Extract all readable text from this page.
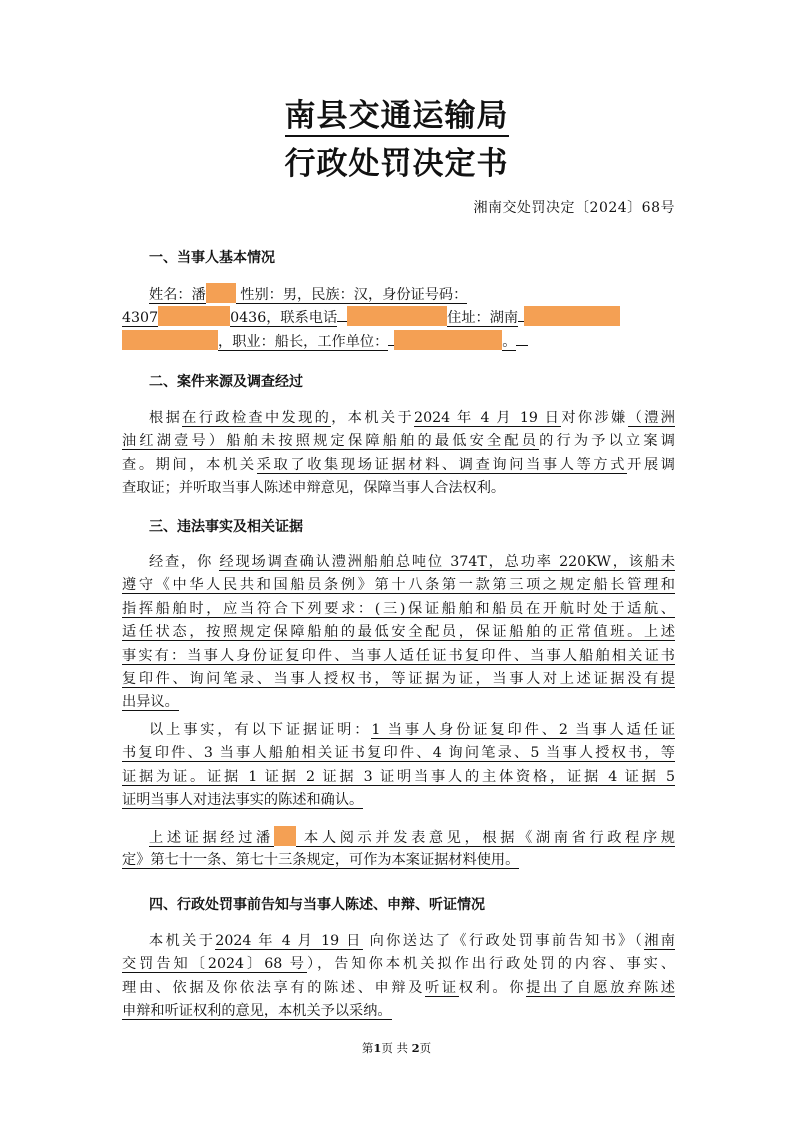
南县交通运输局
行政处罚决定书
湘南交处罚决定〔2024〕68号
一、当事人基本情况
姓名：潘 性别：男，民族：汉，身份证号码：
4307	0436，联系电话	住址：湖南
，职业：船长，工作单位：	。
二、案件来源及调查经过
根据在行政检查中发现的，本机关于2024 年 4 月 19 日对你涉嫌（澧洲
油红湖壹号）船舶未按照规定保障船舶的最低安全配员的行为予以立案调
查。期间，本机关采取了收集现场证据材料、调查询问当事人等方式开展调
查取证；并听取当事人陈述申辩意见，保障当事人合法权利。
三、违法事实及相关证据
经查，你 经现场调查确认澧洲船舶总吨位 374T，总功率 220KW，该船未
遵守《中华人民共和国船员条例》第十八条第一款第三项之规定船长管理和
指挥船舶时，应当符合下列要求：(三)保证船舶和船员在开航时处于适航、
适任状态，按照规定保障船舶的最低安全配员，保证船舶的正常值班。上述
事实有：当事人身份证复印件、当事人适任证书复印件、当事人船舶相关证书
复印件、询问笔录、当事人授权书，等证据为证，当事人对上述证据没有提
出异议。
以上事实，有以下证据证明：1 当事人身份证复印件、2 当事人适任证
书复印件、3 当事人船舶相关证书复印件、4 询问笔录、5 当事人授权书，等
证据为证。证据 1 证据 2 证据 3 证明当事人的主体资格，证据 4 证据 5
证明当事人对违法事实的陈述和确认。
上述证据经过潘 本人阅示并发表意见，根据《湖南省行政程序规
定》第七十一条、第七十三条规定，可作为本案证据材料使用。
四、行政处罚事前告知与当事人陈述、申辩、听证情况
本机关于2024 年 4 月 19 日 向你送达了《行政处罚事前告知书》（湘南
交罚告知〔2024〕68 号），告知你本机关拟作出行政处罚的内容、事实、
理由、依据及你依法享有的陈述、申辩及听证权利。你提出了自愿放弃陈述
申辩和听证权利的意见，本机关予以采纳。
第1页 共 2页
